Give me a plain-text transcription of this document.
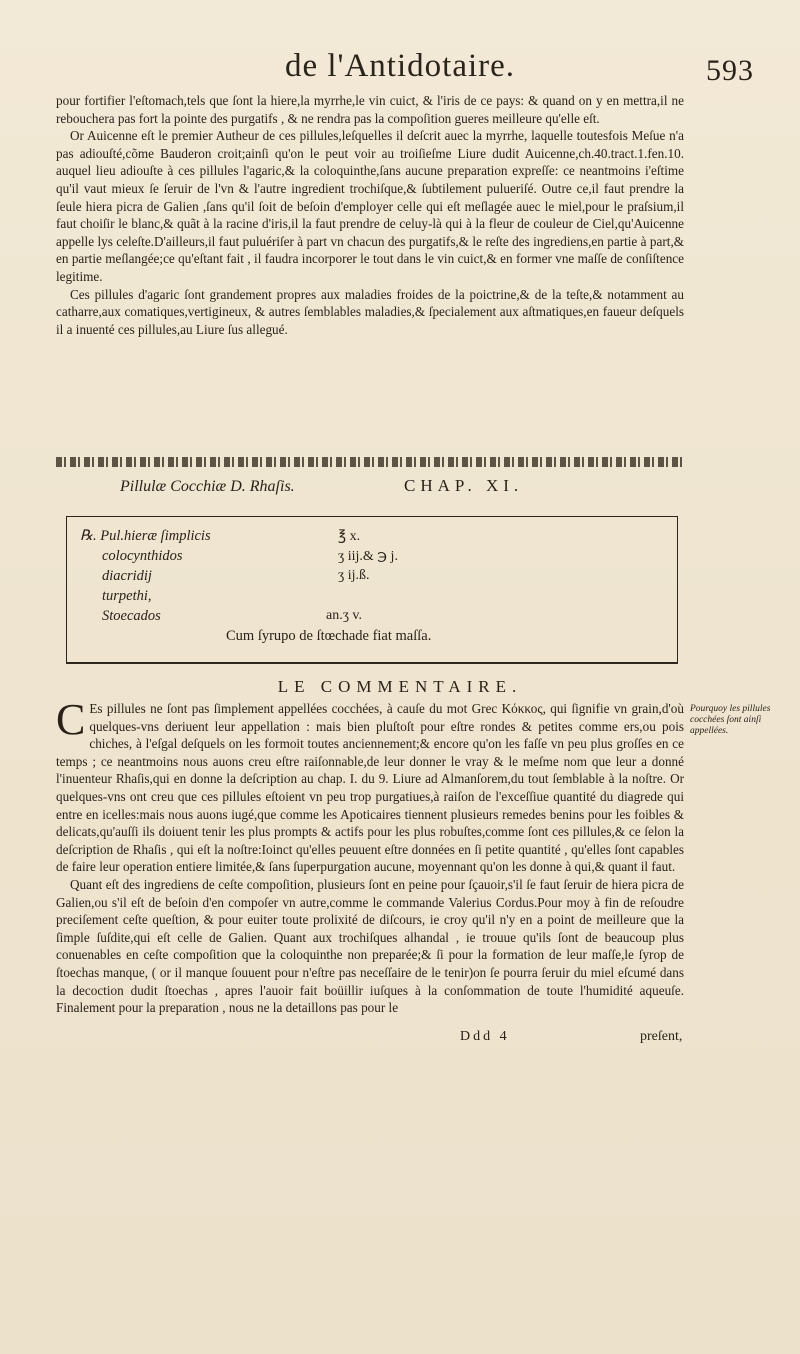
de l'Antidotaire.	593

pour fortifier l'eſtomach,tels que ſont la hiere,la myrrhe,le vin cuict, & l'iris de ce pays: & quand on y en mettra,il ne rebouchera pas fort la pointe des purgatifs , & ne rendra pas la compoſition gueres meilleure qu'elle eſt.

Or Auicenne eſt le premier Autheur de ces pillules,leſquelles il deſcrit auec la myrrhe, laquelle toutesfois Meſue n'a pas adiouſté,cõme Bauderon croit;ainſi qu'on le peut voir au troiſieſme Liure dudit Auicenne,ch.40.tract.1.fen.10. auquel lieu adiouſte à ces pillules l'agaric,& la coloquinthe,ſans aucune preparation expreſſe: ce neantmoins i'eſtime qu'il vaut mieux ſe ſeruir de l'vn & l'autre ingredient trochiſque,& ſubtilement pulueriſé. Outre ce,il faut prendre la ſeule hiera picra de Galien ,ſans qu'il ſoit de beſoin d'employer celle qui eſt meſlagée auec le miel,pour le praſsium,il faut choiſir le blanc,& quãt à la racine d'iris,il la faut prendre de celuy-là qui à la fleur de couleur de Ciel,qu'Auicenne appelle lys celeſte.D'ailleurs,il faut puluériſer à part vn chacun des purgatifs,& le reſte des ingrediens,en partie à part,& en partie meſlangée;ce qu'eſtant fait , il faudra incorporer le tout dans le vin cuict,& en former vne maſſe de conſiſtence legitime.

Ces pillules d'agaric ſont grandement propres aux maladies froides de la poictrine,& de la teſte,& notamment au catharre,aux comatiques,vertigineux, & autres ſemblables maladies,& ſpecialement aux aſtmatiques,en faueur deſquels il a inuenté ces pillules,au Liure ſus allegué.

Pillulæ Cocchiæ D. Rhaſis.	CHAP. XI.
℞. Pul.hieræ ſimplicis	℥ x.
colocynthidos	ʒ iij.& ℈ j.
diacridij	ʒ ij.ß.
turpethi,
Stoecados	an.ʒ v.
Cum ſyrupo de ſtœchade fiat maſſa.
LE COMMENTAIRE.

C Es pillules ne ſont pas ſimplement appellées cocchées, à cauſe du mot Grec Κόκκος, qui ſignifie vn grain,d'où quelques-vns deriuent leur appellation : mais bien pluſtoſt pour eſtre rondes & petites comme ers,ou pois chiches, à l'eſgal deſquels on les formoit toutes anciennement;& encore qu'on les faſſe vn peu plus groſſes en ce temps ; ce neantmoins nous auons creu eſtre raiſonnable,de leur donner le vray & le meſme nom que leur a donné l'inuenteur Rhaſis,qui en donne la deſcription au chap. I. du 9. Liure ad Almanſorem,du tout ſemblable à la noſtre. Or quelques-vns ont creu que ces pillules eſtoient vn peu trop purgatiues,à raiſon de l'exceſſiue quantité du diagrede qui entre en icelles:mais nous auons iugé,que comme les Apoticaires tiennent plusieurs remedes benins pour les foibles & delicats,qu'auſſi ils doiuent tenir les plus prompts & actifs pour les plus robuſtes,comme ſont ces pillules,& ce ſelon la deſcription de Rhaſis , qui eſt la noſtre:Ioinct qu'elles peuuent eſtre données en ſi petite quantité , qu'elles ſont capables de faire leur operation entiere limitée,& ſans ſuperpurgation aucune, moyennant qu'on les donne à qui,& quant il faut.

Quant eſt des ingrediens de ceſte compoſition, plusieurs ſont en peine pour ſçauoir,s'il ſe faut ſeruir de hiera picra de Galien,ou s'il eſt de beſoin d'en compoſer vn autre,comme le commande Valerius Cordus.Pour moy à fin de reſoudre preciſement ceſte queſtion, & pour euiter toute prolixité de diſcours, ie croy qu'il n'y en a point de meilleure que la ſimple ſuſdite,qui eſt celle de Galien. Quant aux trochiſques alhandal , ie trouue qu'ils ſont de beaucoup plus conuenables en ceſte compoſition que la coloquinthe non preparée;& ſi pour la formation de leur maſſe,le ſyrop de ſtoechas manque, ( or il manque ſouuent pour n'eſtre pas neceſſaire de le tenir)on ſe pourra ſeruir du miel eſcumé dans la decoction dudit ſtoechas , apres l'auoir fait boüillir iuſques à la conſommation de toute l'humidité aqueuſe. Finalement pour la preparation , nous ne la detaillons pas pour le

Pourquoy les pillules cocchées ſont ainſi appellées.
Ddd 4	preſent,
